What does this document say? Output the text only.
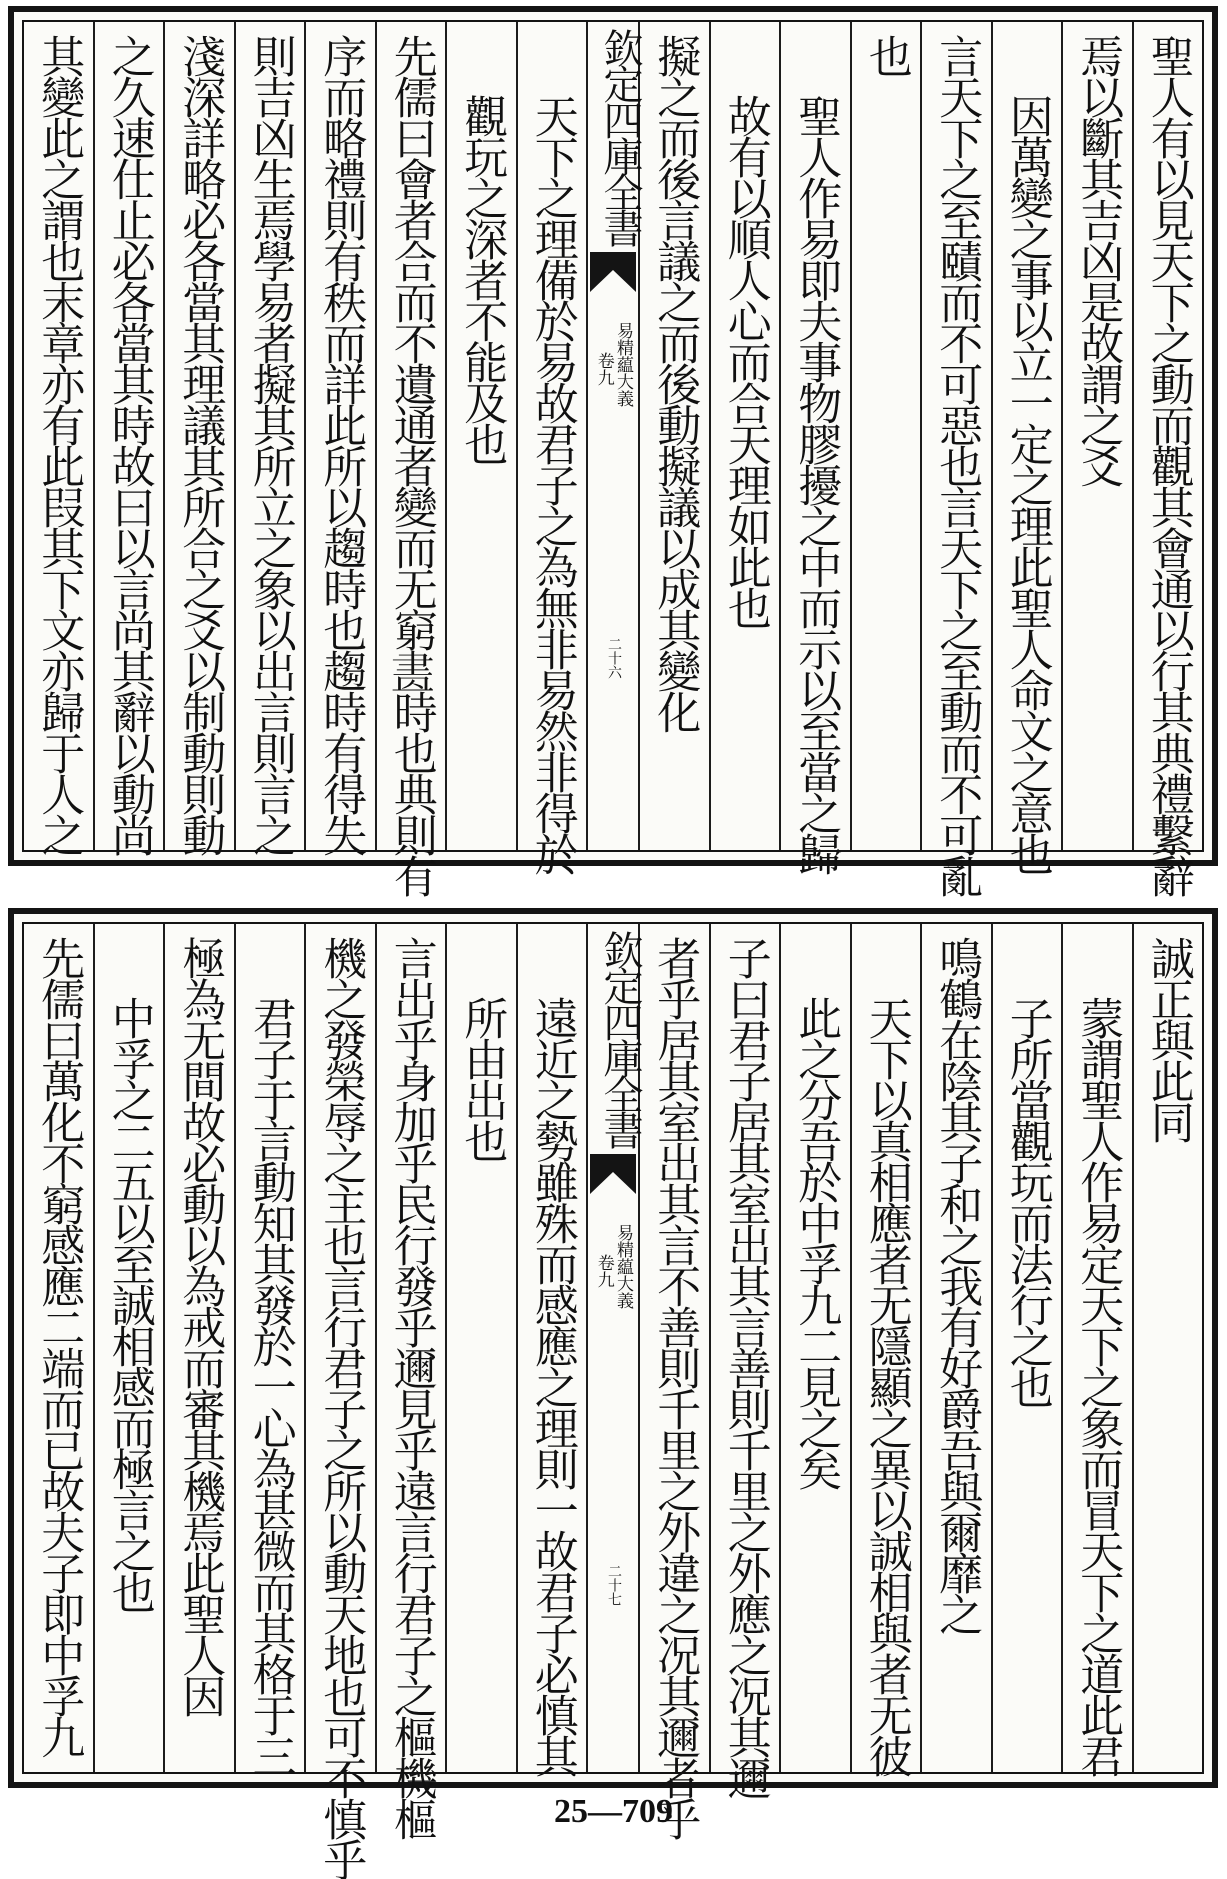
聖人有以見天下之動而觀其會通以行其典禮繫辭
焉以斷其吉凶是故謂之爻
因萬變之事以立一定之理此聖人命文之意也
言天下之至賾而不可惡也言天下之至動而不可亂
也
聖人作易即夫事物膠擾之中而示以至當之歸
故有以順人心而合天理如此也
擬之而後言議之而後動擬議以成其變化
欽定四庫全書
易精藴大義
卷九
二十六
天下之理備於易故君子之為無非易然非得於
觀玩之深者不能及也
先儒曰會者合而不遺通者變而无窮𦘕時也典則有
序而略禮則有秩而詳此所以趨時也趨時有得失
則吉凶生焉學易者擬其所立之象以出言則言之
淺深詳略必各當其理議其所合之爻以制動則動
之久速仕止必各當其時故曰以言尚其辭以動尚
其變此之謂也末章亦有此叚其下文亦歸于人之
誠正與此同
蒙謂聖人作易定天下之象而冒天下之道此君
子所當觀玩而法行之也
鳴鶴在陰其子和之我有好爵吾與爾靡之
天下以真相應者无隱顯之異以誠相與者无彼
此之分吾於中孚九二見之矣
子曰君子居其室出其言善則千里之外應之况其邇
者乎居其室出其言不善則千里之外違之况其邇者乎
欽定四庫全書
易精藴大義
卷九
二十七
遠近之勢雖殊而感應之理則一故君子必慎其
所由出也
言出乎身加乎民行發乎邇見乎遠言行君子之樞機樞
機之發榮辱之主也言行君子之所以動天地也可不慎乎
君子于言動知其發於一心為甚微而其格于三
極為无間故必動以為戒而審其機焉此聖人因
中孚之二五以至誠相感而極言之也
先儒曰萬化不窮感應二端而已故夫子即中孚九
25—709
